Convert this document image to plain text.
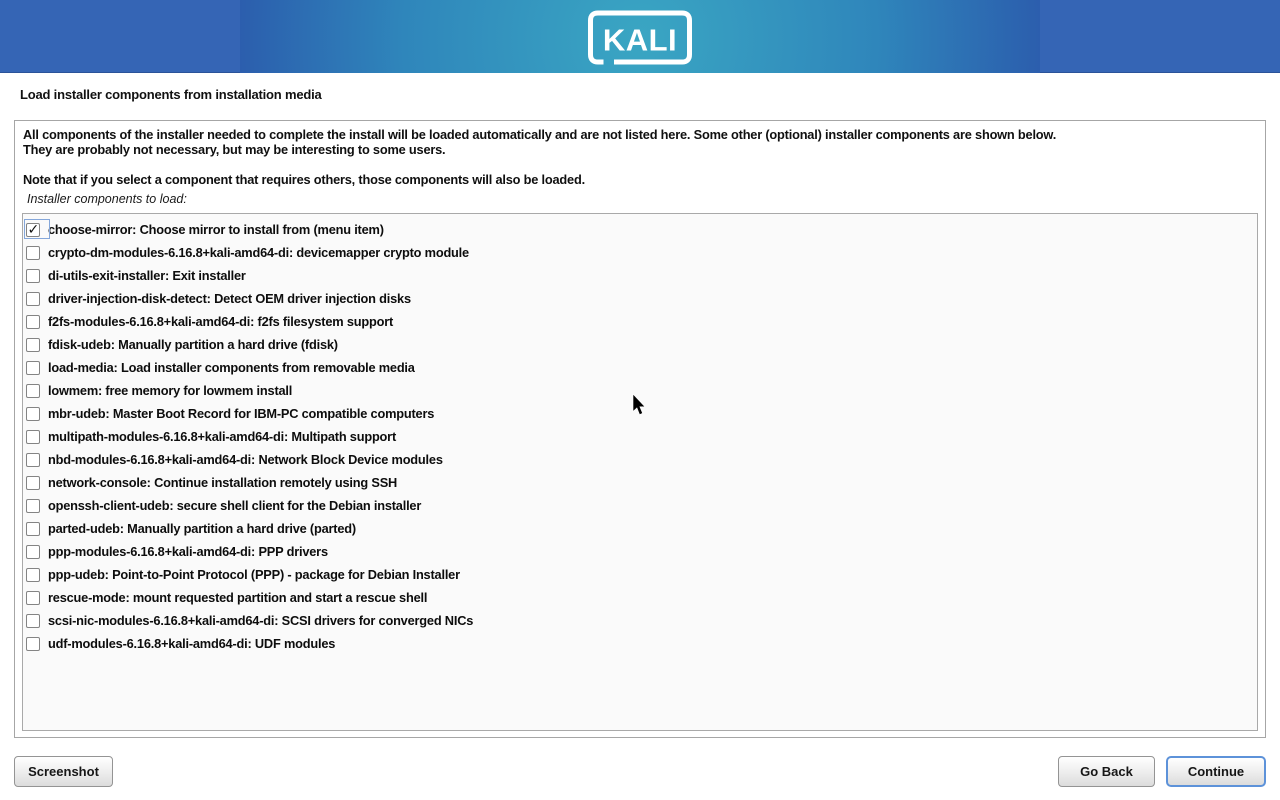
KALI
Load installer components from installation media
All components of the installer needed to complete the install will be loaded automatically and are not listed here. Some other (optional) installer components are shown below.
They are probably not necessary, but may be interesting to some users.
Note that if you select a component that requires others, those components will also be loaded.
Installer components to load:
✓
choose-mirror: Choose mirror to install from (menu item)
crypto-dm-modules-6.16.8+kali-amd64-di: devicemapper crypto module
di-utils-exit-installer: Exit installer
driver-injection-disk-detect: Detect OEM driver injection disks
f2fs-modules-6.16.8+kali-amd64-di: f2fs filesystem support
fdisk-udeb: Manually partition a hard drive (fdisk)
load-media: Load installer components from removable media
lowmem: free memory for lowmem install
mbr-udeb: Master Boot Record for IBM-PC compatible computers
multipath-modules-6.16.8+kali-amd64-di: Multipath support
nbd-modules-6.16.8+kali-amd64-di: Network Block Device modules
network-console: Continue installation remotely using SSH
openssh-client-udeb: secure shell client for the Debian installer
parted-udeb: Manually partition a hard drive (parted)
ppp-modules-6.16.8+kali-amd64-di: PPP drivers
ppp-udeb: Point-to-Point Protocol (PPP) - package for Debian Installer
rescue-mode: mount requested partition and start a rescue shell
scsi-nic-modules-6.16.8+kali-amd64-di: SCSI drivers for converged NICs
udf-modules-6.16.8+kali-amd64-di: UDF modules
Screenshot	Go Back	Continue
